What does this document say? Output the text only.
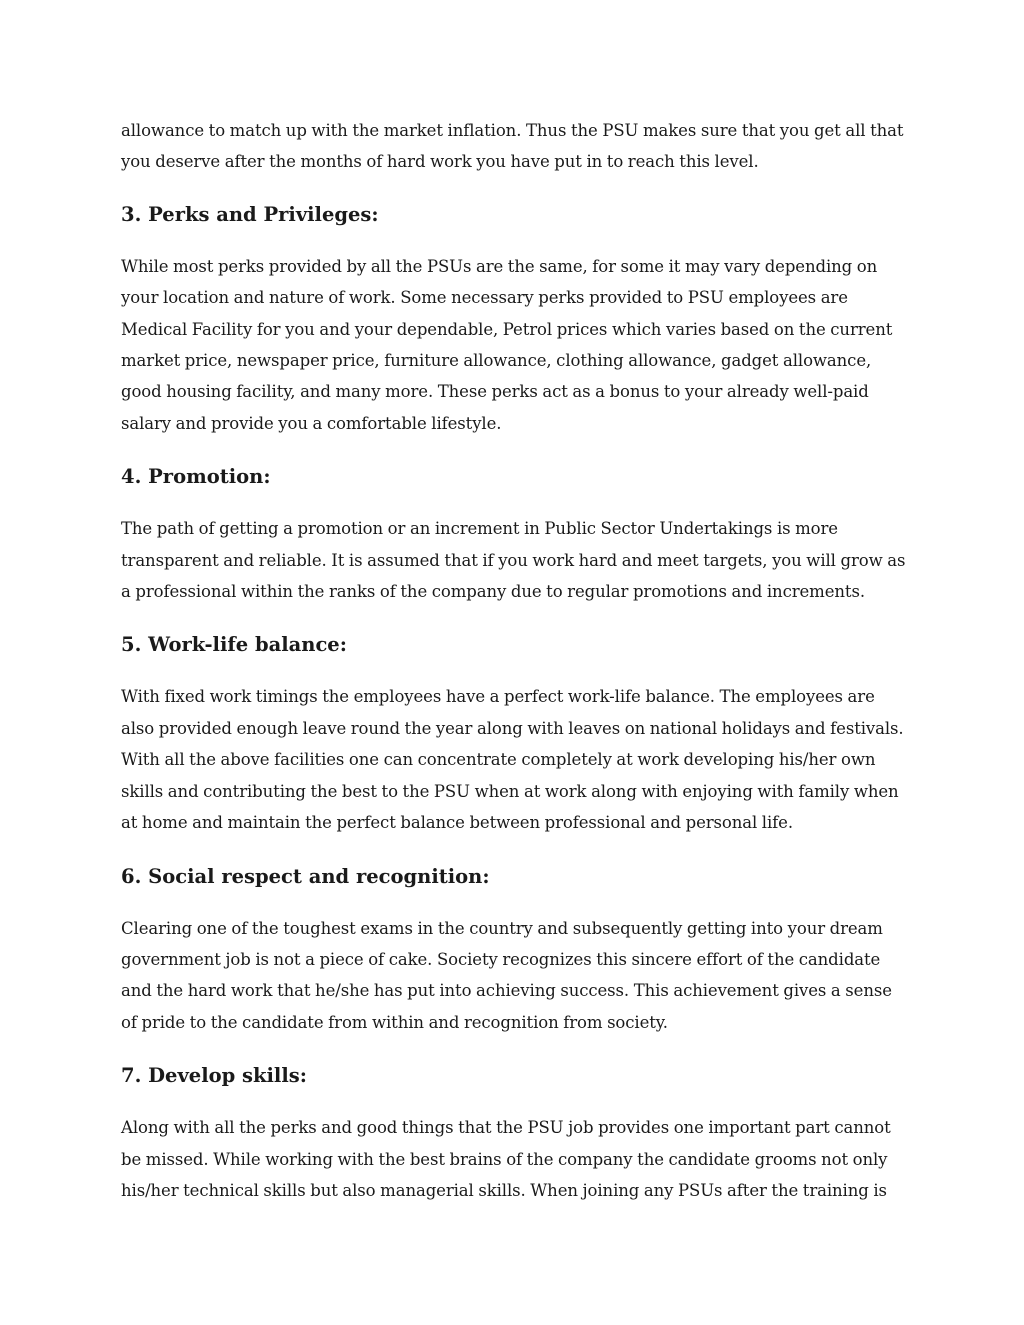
allowance to match up with the market inflation. Thus the PSU makes sure that you get all that you deserve after the months of hard work you have put in to reach this level.

3. Perks and Privileges:

While most perks provided by all the PSUs are the same, for some it may vary depending on your location and nature of work. Some necessary perks provided to PSU employees are Medical Facility for you and your dependable, Petrol prices which varies based on the current market price, newspaper price, furniture allowance, clothing allowance, gadget allowance, good housing facility, and many more. These perks act as a bonus to your already well-paid salary and provide you a comfortable lifestyle.

4. Promotion:

The path of getting a promotion or an increment in Public Sector Undertakings is more transparent and reliable. It is assumed that if you work hard and meet targets, you will grow as a professional within the ranks of the company due to regular promotions and increments.

5. Work-life balance:

With fixed work timings the employees have a perfect work-life balance. The employees are also provided enough leave round the year along with leaves on national holidays and festivals. With all the above facilities one can concentrate completely at work developing his/her own skills and contributing the best to the PSU when at work along with enjoying with family when at home and maintain the perfect balance between professional and personal life.

6. Social respect and recognition:

Clearing one of the toughest exams in the country and subsequently getting into your dream government job is not a piece of cake. Society recognizes this sincere effort of the candidate and the hard work that he/she has put into achieving success. This achievement gives a sense of pride to the candidate from within and recognition from society.

7. Develop skills:

Along with all the perks and good things that the PSU job provides one important part cannot be missed. While working with the best brains of the company the candidate grooms not only his/her technical skills but also managerial skills. When joining any PSUs after the training is
